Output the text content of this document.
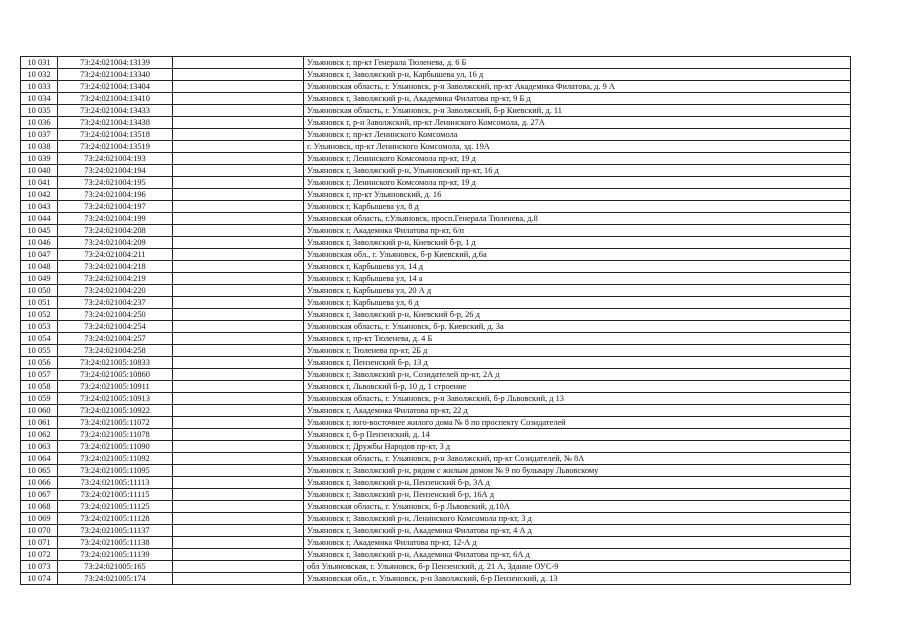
10 031	73:24:021004:13139		Ульяновск г, пр-кт Генерала Тюленева, д. 6 Б
10 032	73:24:021004:13340		Ульяновск г, Заволжский р-н, Карбышева ул, 16 д
10 033	73:24:021004:13404		Ульяновская область, г. Ульяновск, р-н Заволжский, пр-кт Академика Филатова, д. 9 А
10 034	73:24:021004:13410		Ульяновск г, Заволжский р-н, Академика Филатова пр-кт, 9 Б д
10 035	73:24:021004:13433		Ульяновская область, г. Ульяновск, р-н Заволжский, б-р Киевский, д. 11
10 036	73:24:021004:13438		Ульяновск г, р-н Заволжский, пр-кт Ленинского Комсомола, д. 27А
10 037	73:24:021004:13518		Ульяновск г, пр-кт Ленинского Комсомола
10 038	73:24:021004:13519		г. Ульяновск, пр-кт Ленинского Комсомола, зд. 19А
10 039	73:24:021004:193		Ульяновск г, Ленинского Комсомола пр-кт, 19 д
10 040	73:24:021004:194		Ульяновск г, Заволжский р-н, Ульяновский пр-кт, 16 д
10 041	73:24:021004:195		Ульяновск г, Ленинского Комсомола пр-кт, 19 д
10 042	73:24:021004:196		Ульяновск г, пр-кт Ульяновский, д. 16
10 043	73:24:021004:197		Ульяновск г, Карбышева ул, 8 д
10 044	73:24:021004:199		Ульяновская область, г.Ульяновск, просп.Генерала Тюленева, д.8
10 045	73:24:021004:208		Ульяновск г, Академика Филатова пр-кт, 6/п
10 046	73:24:021004:209		Ульяновск г, Заволжский р-н, Киевский б-р, 1 д
10 047	73:24:021004:211		Ульяновская обл., г. Ульяновск, б-р Киевский, д.6а
10 048	73:24:021004:218		Ульяновск г, Карбышева ул, 14 д
10 049	73:24:021004:219		Ульяновск г, Карбышева ул, 14 а
10 050	73:24:021004:220		Ульяновск г, Карбышева ул, 20 А д
10 051	73:24:021004:237		Ульяновск г, Карбышева ул, 6 д
10 052	73:24:021004:250		Ульяновск г, Заволжский р-н, Киевский б-р, 26 д
10 053	73:24:021004:254		Ульяновская область, г. Ульяновск, б-р. Киевский, д. 3а
10 054	73:24:021004:257		Ульяновск г, пр-кт Тюленева, д. 4 Б
10 055	73:24:021004:258		Ульяновск г, Тюленева пр-кт, 2Б д
10 056	73:24:021005:10833		Ульяновск г, Пензенский б-р, 13 д
10 057	73:24:021005:10860		Ульяновск г, Заволжский р-н, Созидателей пр-кт, 2А д
10 058	73:24:021005:10911		Ульяновск г, Львовский б-р, 10 д, 1 строение
10 059	73:24:021005:10913		Ульяновская область, г. Ульяновск, р-н Заволжский, б-р Львовский, д 13
10 060	73:24:021005:10922		Ульяновск г, Академика Филатова пр-кт, 22 д
10 061	73:24:021005:11072		Ульяновск г, юго-восточнее жилого дома № 8 по проспекту Созидателей
10 062	73:24:021005:11078		Ульяновск г, б-р Пензенский, д. 14
10 063	73:24:021005:11090		Ульяновск г, Дружбы Народов пр-кт, 3 д
10 064	73:24:021005:11092		Ульяновская область, г. Ульяновск, р-н Заволжский, пр-кт Созидателей, № 8А
10 065	73:24:021005:11095		Ульяновск г, Заволжский р-н, рядом с жилым домом № 9 по бульвару Львовскому
10 066	73:24:021005:11113		Ульяновск г, Заволжский р-н, Пензенский б-р, 3А д
10 067	73:24:021005:11115		Ульяновск г, Заволжский р-н, Пензенский б-р, 16А д
10 068	73:24:021005:11125		Ульяновская область, г. Ульяновск, б-р Львовский, д.10А
10 069	73:24:021005:11128		Ульяновск г, Заволжский р-н, Ленинского Комсомола пр-кт, 3 д
10 070	73:24:021005:11137		Ульяновск г, Заволжский р-н, Академика Филатова пр-кт, 4 А д
10 071	73:24:021005:11138		Ульяновск г, Академика Филатова пр-кт, 12-А д
10 072	73:24:021005:11139		Ульяновск г, Заволжский р-н, Академика Филатова пр-кт, 6А д
10 073	73:24:021005:165		обл Ульяновская, г. Ульяновск, б-р Пензенский, д. 21 А, Здание ОУС-9
10 074	73:24:021005:174		Ульяновская обл., г. Ульяновск, р-н Заволжский, б-р Пензенский, д. 13
